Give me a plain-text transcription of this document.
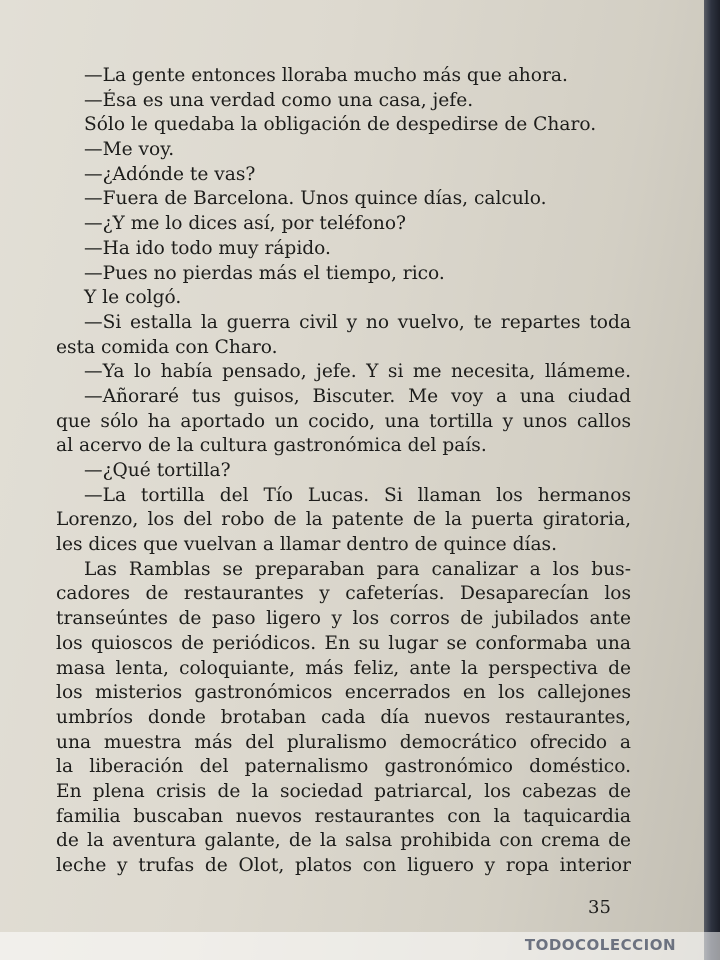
—La gente entonces lloraba mucho más que ahora.
—Ésa es una verdad como una casa, jefe.
Sólo le quedaba la obligación de despedirse de Charo.
—Me voy.
—¿Adónde te vas?
—Fuera de Barcelona. Unos quince días, calculo.
—¿Y me lo dices así, por teléfono?
—Ha ido todo muy rápido.
—Pues no pierdas más el tiempo, rico.
Y le colgó.
—Si estalla la guerra civil y no vuelvo, te repartes toda
esta comida con Charo.
—Ya lo había pensado, jefe. Y si me necesita, llámeme.
—Añoraré tus guisos, Biscuter. Me voy a una ciudad
que sólo ha aportado un cocido, una tortilla y unos callos
al acervo de la cultura gastronómica del país.
—¿Qué tortilla?
—La tortilla del Tío Lucas. Si llaman los hermanos
Lorenzo, los del robo de la patente de la puerta giratoria,
les dices que vuelvan a llamar dentro de quince días.
Las Ramblas se preparaban para canalizar a los bus-
cadores de restaurantes y cafeterías. Desaparecían los
transeúntes de paso ligero y los corros de jubilados ante
los quioscos de periódicos. En su lugar se conformaba una
masa lenta, coloquiante, más feliz, ante la perspectiva de
los misterios gastronómicos encerrados en los callejones
umbríos donde brotaban cada día nuevos restaurantes,
una muestra más del pluralismo democrático ofrecido a
la liberación del paternalismo gastronómico doméstico.
En plena crisis de la sociedad patriarcal, los cabezas de
familia buscaban nuevos restaurantes con la taquicardia
de la aventura galante, de la salsa prohibida con crema de
leche y trufas de Olot, platos con liguero y ropa interior
35
TODOCOLECCION
